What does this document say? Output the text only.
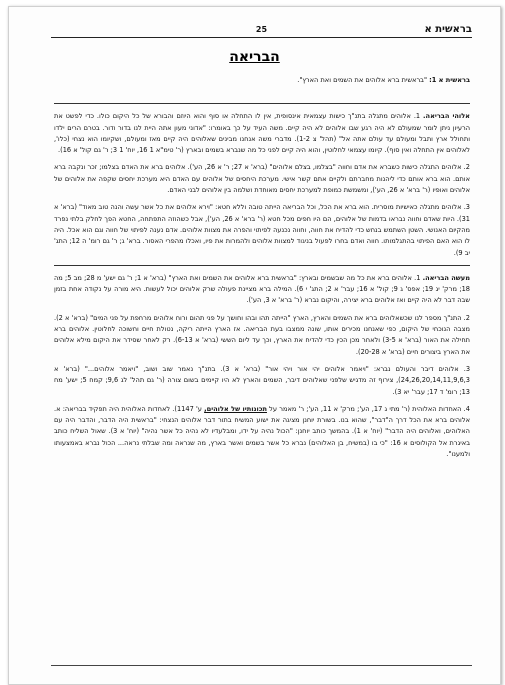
25	בראשית א
הבריאה
בראשית א 1: "בראשית ברא אלוהים את השמים ואת הארץ".

אלוהי הבריאה. 1. אלוהים מתגלה בתנ"ך כישות עצמאית אינסופית, אין לו התחלה או סוף והוא היוזם והבורא של כל היקום כולו. כדי לפשט את הרעיון ניתן לומר שמעולם לא היה רגע שבו אלוהים לא היה קיים. משה העיד על כך באומרו: "אדוני מעון אתה היית לנו בדור ודור. בטרם הרים ילדו ותחולל ארץ ותבל ומעולם עד עולם אתה אל" (תהל' צ 1-2). מדברי משה אנחנו מבינים שאלוהים היה קיים מאז ומעולם, ושקיומו הוא נצחי (כלו', לאלוהים אין התחלה ואין סוף). קיומו עצמאי לחלוטין, והוא היה קיים לפני כל מה שנברא בשמים ובארץ (ר' טימ"א 1 16, יוח' 1 3; ר' גם קול' א 16).

2. אלוהים התגלה כישות כשברא את אדם וחווה "בצלמו, בצלם אלוהים" (ברא' א 27; ר' א 26, הע'). אלוהים ברא את האדם בצלמו; זכר ונקבה ברא אותם. הוא ברא אותם כדי ליהנות מחברתם ולקיים אתם קשר אישי. מערכת היחסים של אלוהים עם האדם היא מערכת יחסים שקפה את אלוהים של אלוהים ואופיו (ר' ברא' א 26, הע'), ומשמשת כמופת למערכת יחסים מאוחדת ושלמה בין אלוהים לבני האדם.

3. אלוהים מתגלה כאישיות מוסרית. הוא ברא את הכל, וכל הבריאה הייתה טובה וללא חטא: "וירא אלוהים את כל אשר עשה והנה טוב מאוד" (ברא' א 31). היות שאדם וחווה נבראו בדמות של אלוהים, הם היו חפים מכל חטא (ר' ברא' א 26, הע'), אבל כשהוזה התפתחה, החטא הפך לחלק בלתי נפרד מהקיום האנושי. השטן השתמש בנחש כדי להדיח את חווה, וחווה נכנעה לפיתוי והפרה את מצוות אלוהים. אדם נענה לפיתוי של חווה וגם הוא אכל. היה לו הוא האם הפיתוי בהתגלמותו. חווה ואדם בחרו לפעול בניגוד למצוות אלוהים ולהמרות את פיו, ואכלו מהפרי האסור. ברא' ג; ר' גם רומ' ה 12; התג' יב 9).

מעשה הבריאה. 1. אלוהים ברא את כל מה שבשמים ובארץ: "בראשית ברא אלוהים את השמים ואת הארץ" (ברא' א 1; ר' גם ישע' מ 28; מב 5; מה 18; מרק' יג 19; אפס' ג 9; קול' א 16; עבר' א 2; התג' י 6). המילה ברא מציינת פעולה שרק אלוהים יכול לעשות. היא מורה על נקודה אחת בזמן שבה דבר לא היה קיים ואז אלוהים ברא יצירה, והיקום נברא (ר' ברא' א 3, הע').

2. התנ"ך מספר לנו שכשאלוהים ברא את השמים והארץ, הארץ "הייתה תהו ובהו וחושך על פני תהום ורוח אלוהים מרחפת על פני המים" (ברא' א 2). מצבה הנוכחי של היקום, כפי שאנחנו מכירים אותו, שונה ממצבו בעת הבריאה. אז הארץ הייתה ריקה, נטולת חיים וחשוכה לחלוטין. אלוהים ברא תחילה את האור (ברא' א 3-5) ולאחר מכן הכין כדי להדיח את הארץ, וכך עד ליום הששי (ברא' א 6-13). רק לאחר שסידר את היקום מילא אלוהים את הארץ ביצורים חיים (ברא' א 20-28).

3. אלוהים דיבר והעולם נברא: "ויאמר אלוהים יהי אור ויהי אור" (ברא' א 3). בתנ"ך נאמר שוב ושוב, "ויאמר אלוהים..." (ברא' א 24,26,20,14,11,9,6,3), צירוף זה מדגיש שלפני שאלוהים דיבר, השמים והארץ לא היו קיימים בשום צורה (ר' גם תהל' לג 9,6; קמח 5; ישע' מח 13; רומ' ד 17; עבר' יא 3).

4. האחדות האלוהית (ר' מתי ג 17, הע'; מרק' א 11, הע'; ר' מאמר על תכונותיו של אלוהים, ע' 1147). לאחדות האלוהית היה תפקיד בבריאה: א. אלוהים ברא את הכל דרך ה"דבר", שהוא בנו. בשורת יוחנן מציגה את ישוע המשיח בתור דבר אלוהים הנצחי: "בראשית היה הדבר, והדבר היה עם האלוהים, ואלוהים היה הדבר" (יוח' א 1). בהמשך כותב יוחנן: "הכול נהיה על ידו, ומבלעדיו לא נהיה כל אשר נהיה" (יוח' א 3). שאול השליח כותב באיגרת אל הקולוסים א 16: "כי בו (במשיח, בן האלוהים) נברא כל אשר בשמים ואשר בארץ, מה שנראה ומה שבלתי נראה... הכול נברא באמצעותו ולמענו".
